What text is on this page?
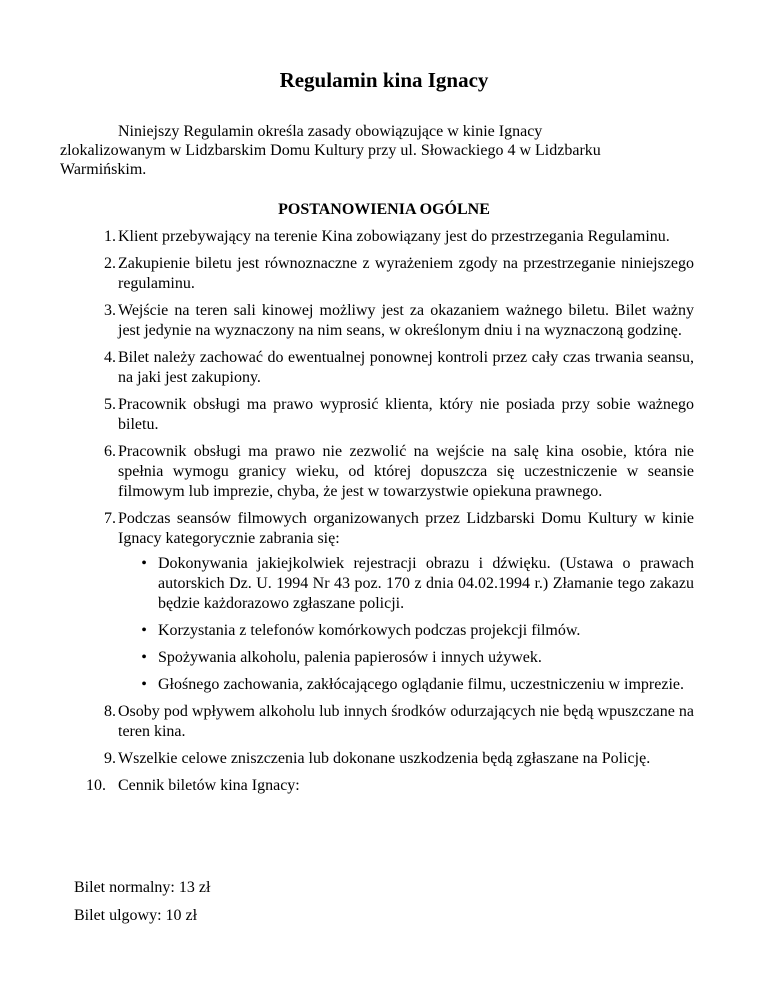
Regulamin kina Ignacy

Niniejszy Regulamin określa zasady obowiązujące w kinie Ignacy

zlokalizowanym w Lidzbarskim Domu Kultury przy ul. Słowackiego 4 w Lidzbarku

Warmińskim.

POSTANOWIENIA OGÓLNE
1. Klient przebywający na terenie Kina zobowiązany jest do przestrzegania Regulaminu.
2. Zakupienie biletu jest równoznaczne z wyrażeniem zgody na przestrzeganie niniejszego regulaminu.
3. Wejście na teren sali kinowej możliwy jest za okazaniem ważnego biletu. Bilet ważny jest jedynie na wyznaczony na nim seans, w określonym dniu i na wyznaczoną godzinę.
4. Bilet należy zachować do ewentualnej ponownej kontroli przez cały czas trwania seansu, na jaki jest zakupiony.
5. Pracownik obsługi ma prawo wyprosić klienta, który nie posiada przy sobie ważnego biletu.
6. Pracownik obsługi ma prawo nie zezwolić na wejście na salę kina osobie, która nie spełnia wymogu granicy wieku, od której dopuszcza się uczestniczenie w seansie filmowym lub imprezie, chyba, że jest w towarzystwie opiekuna prawnego.
7. Podczas seansów filmowych organizowanych przez Lidzbarski Domu Kultury w kinie Ignacy kategorycznie zabrania się:
• Dokonywania jakiejkolwiek rejestracji obrazu i dźwięku. (Ustawa o prawach autorskich Dz. U. 1994 Nr 43 poz. 170 z dnia 04.02.1994 r.) Złamanie tego zakazu będzie każdorazowo zgłaszane policji.
• Korzystania z telefonów komórkowych podczas projekcji filmów.
• Spożywania alkoholu, palenia papierosów i innych używek.
• Głośnego zachowania, zakłócającego oglądanie filmu, uczestniczeniu w imprezie.
8. Osoby pod wpływem alkoholu lub innych środków odurzających nie będą wpuszczane na teren kina.
9. Wszelkie celowe zniszczenia lub dokonane uszkodzenia będą zgłaszane na Policję.
10. Cennik biletów kina Ignacy:
Bilet normalny: 13 zł
Bilet ulgowy: 10 zł
